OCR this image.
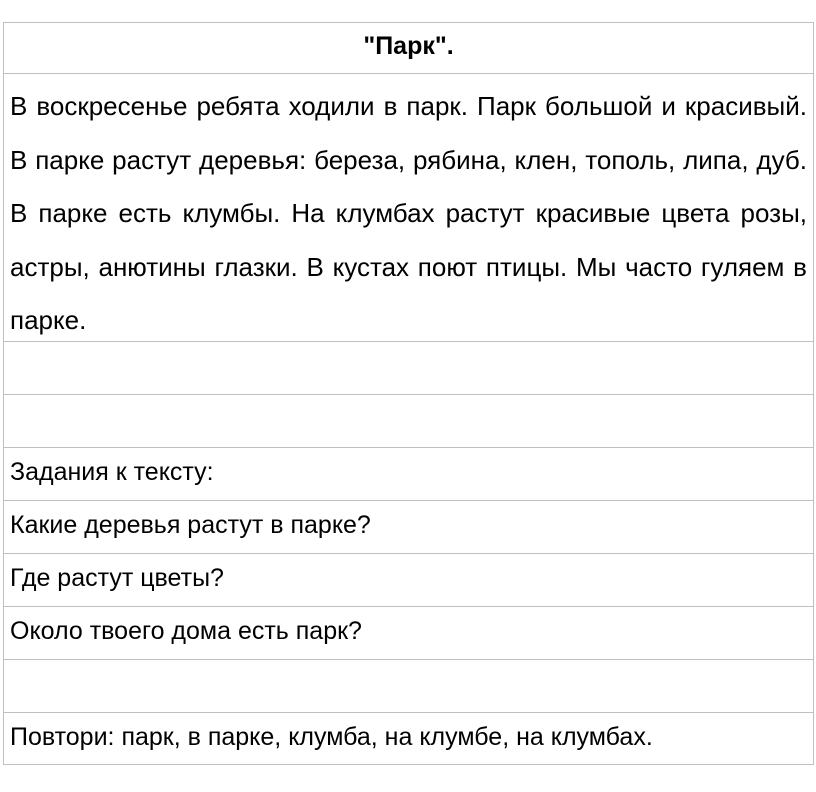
"Парк".
В воскресенье ребята ходили в парк. Парк большой и красивый. В парке растут деревья: береза, рябина, клен, тополь, липа, дуб. В парке есть клумбы. На клумбах растут красивые цвета розы, астры, анютины глазки. В кустах поют птицы. Мы часто гуляем в парке.
Задания к тексту:
Какие деревья растут в парке?
Где растут цветы?
Около твоего дома есть парк?
Повтори: парк, в парке, клумба, на клумбе, на клумбах.
